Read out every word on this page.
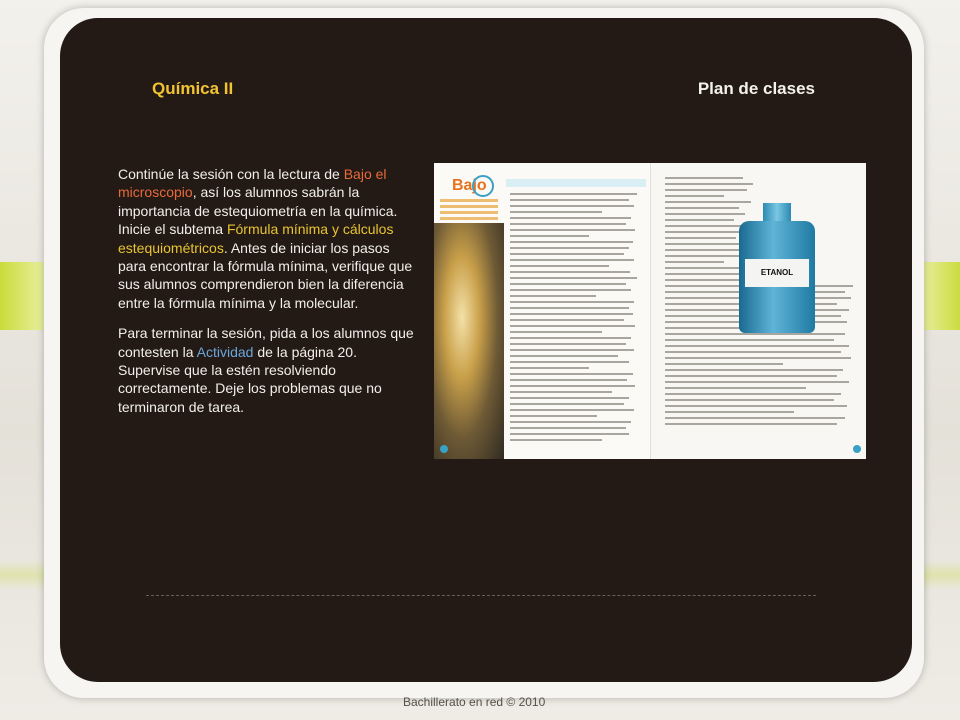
Química II	Plan de clases

Continúe la sesión con la lectura de Bajo el microscopio, así los alumnos sabrán la importancia de estequiometría en la química. Inicie el subtema Fórmula mínima y cálculos estequiométricos. Antes de iniciar los pasos para encontrar la fórmula mínima, verifique que sus alumnos comprendieron bien la diferencia entre la fórmula mínima y la molecular.

Para terminar la sesión, pida a los alumnos que contesten la Actividad de la página 20. Supervise que la estén resolviendo correctamente. Deje los problemas que no terminaron de tarea.

Bajo
ETANOL
Bachillerato en red © 2010
